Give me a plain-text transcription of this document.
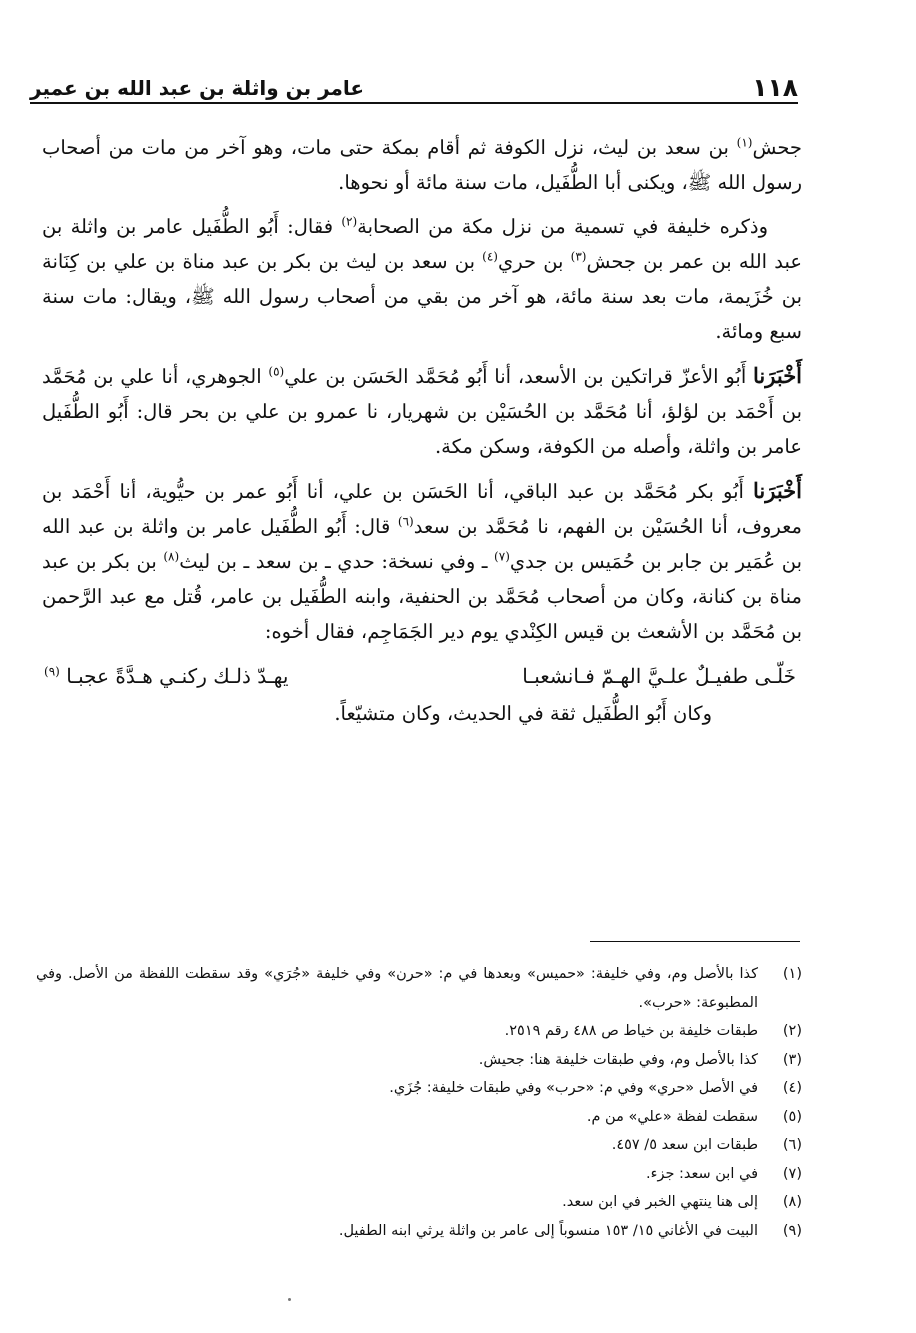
١١٨
عامر بن واثلة بن عبد الله بن عمير

جحش$^{(١)}$ بن سعد بن ليث، نزل الكوفة ثم أقام بمكة حتى مات، وهو آخر من مات من أصحاب رسول الله ﷺ، ويكنى أبا الطُّفَيل، مات سنة مائة أو نحوها.

وذكره خليفة في تسمية من نزل مكة من الصحابة$^{(٢)}$ فقال: أَبُو الطُّفَيل عامر بن واثلة بن عبد الله بن عمر بن جحش$^{(٣)}$ بن حري$^{(٤)}$ بن سعد بن ليث بن بكر بن عبد مناة بن علي بن كِنَانة بن خُزَيمة، مات بعد سنة مائة، هو آخر من بقي من أصحاب رسول الله ﷺ، ويقال: مات سنة سبع ومائة.

أَخْبَرَنا أَبُو الأعزّ قراتكين بن الأسعد، أنا أَبُو مُحَمَّد الحَسَن بن علي$^{(٥)}$ الجوهري، أنا علي بن مُحَمَّد بن أَحْمَد بن لؤلؤ، أنا مُحَمَّد بن الحُسَيْن بن شهريار، نا عمرو بن علي بن بحر قال: أَبُو الطُّفَيل عامر بن واثلة، وأصله من الكوفة، وسكن مكة.

أَخْبَرَنا أَبُو بكر مُحَمَّد بن عبد الباقي، أنا الحَسَن بن علي، أنا أَبُو عمر بن حيُّوية، أنا أَحْمَد بن معروف، أنا الحُسَيْن بن الفهم، نا مُحَمَّد بن سعد$^{(٦)}$ قال: أَبُو الطُّفَيل عامر بن واثلة بن عبد الله بن عُمَير بن جابر بن حُمَيس بن جدي$^{(٧)}$ ـ وفي نسخة: حدي ـ بن سعد ـ بن ليث$^{(٨)}$ بن بكر بن عبد مناة بن كنانة، وكان من أصحاب مُحَمَّد بن الحنفية، وابنه الطُّفَيل بن عامر، قُتل مع عبد الرَّحمن بن مُحَمَّد بن الأشعث بن قيس الكِنْدي يوم دير الجَمَاجِم، فقال أخوه:

خَلّـى طفيـلٌ علـيَّ الهـمّ فـانشعبـا
يهـدّ ذلـك ركنـي هـدَّةً عجبـا $^{(٩)}$

وكان أَبُو الطُّفَيل ثقة في الحديث، وكان متشيّعاً.

(١)
كذا بالأصل وم، وفي خليفة: «حميس» وبعدها في م: «حرن» وفي خليفة «جُرَي» وقد سقطت اللفظة من الأصل. وفي المطبوعة: «حرب».
(٢)
طبقات خليفة بن خياط ص ٤٨٨ رقم ٢٥١٩.
(٣)
كذا بالأصل وم، وفي طبقات خليفة هنا: جحيش.
(٤)
في الأصل «حري» وفي م: «حرب» وفي طبقات خليفة: جُزَي.
(٥)
سقطت لفظة «علي» من م.
(٦)
طبقات ابن سعد ٥/ ٤٥٧.
(٧)
في ابن سعد: جزء.
(٨)
إلى هنا ينتهي الخبر في ابن سعد.
(٩)
البيت في الأغاني ١٥/ ١٥٣ منسوباً إلى عامر بن واثلة يرثي ابنه الطفيل.
